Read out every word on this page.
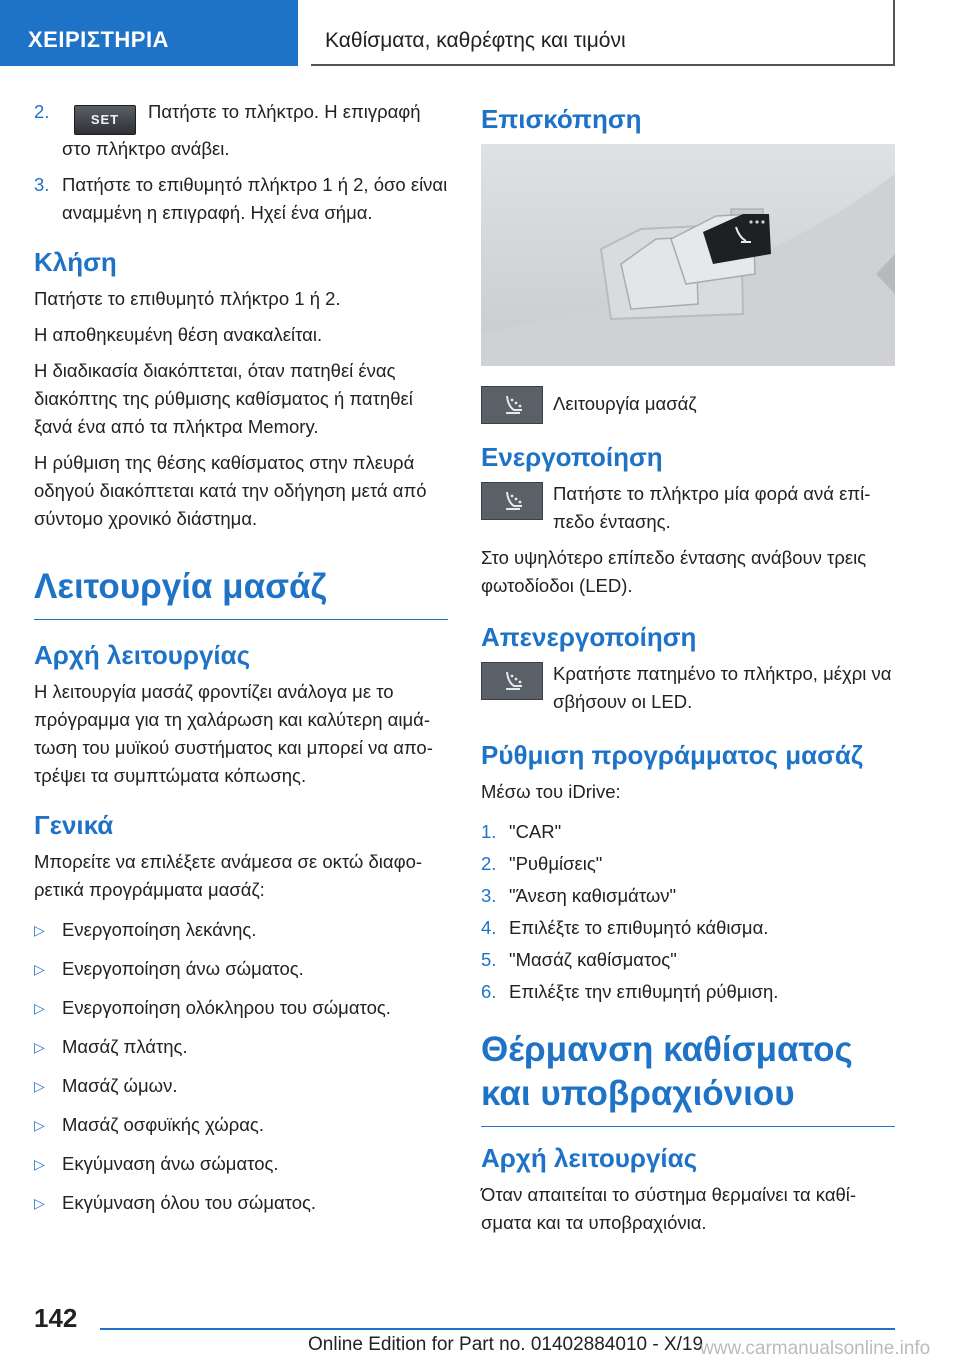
ΧΕΙΡΙΣΤΗΡΙΑ	Καθίσματα, καθρέφτης και τιμόνι
2.	SET Πατήστε το πλήκτρο. Η επιγραφή στο πλήκτρο ανάβει.
3. Πατήστε το επιθυμητό πλήκτρο 1 ή 2, όσο είναι αναμμένη η επιγραφή. Ηχεί ένα σήμα.
Κλήση

Πατήστε το επιθυμητό πλήκτρο 1 ή 2.

Η αποθηκευμένη θέση ανακαλείται.

Η διαδικασία διακόπτεται, όταν πατηθεί ένας διακόπτης της ρύθμισης καθίσματος ή πατηθεί ξανά ένα από τα πλήκτρα Memory.

Η ρύθμιση της θέσης καθίσματος στην πλευρά οδηγού διακόπτεται κατά την οδήγηση μετά από σύντομο χρονικό διάστημα.

Λειτουργία μασάζ
Αρχή λειτουργίας

Η λειτουργία μασάζ φροντίζει ανάλογα με το πρόγραμμα για τη χαλάρωση και καλύτερη αιμάτωση του μυϊκού συστήματος και μπορεί να αποτρέψει τα συμπτώματα κόπωσης.

Γενικά

Μπορείτε να επιλέξετε ανάμεσα σε οκτώ διαφορετικά προγράμματα μασάζ:

▷ Ενεργοποίηση λεκάνης.
▷ Ενεργοποίηση άνω σώματος.
▷ Ενεργοποίηση ολόκληρου του σώματος.
▷ Μασάζ πλάτης.
▷ Μασάζ ώμων.
▷ Μασάζ οσφυϊκής χώρας.
▷ Εκγύμναση άνω σώματος.
▷ Εκγύμναση όλου του σώματος.
Επισκόπηση

Λειτουργία μασάζ

Ενεργοποίηση

Πατήστε το πλήκτρο μία φορά ανά επίπεδο έντασης.

Στο υψηλότερο επίπεδο έντασης ανάβουν τρεις φωτοδίοδοι (LED).

Απενεργοποίηση

Κρατήστε πατημένο το πλήκτρο, μέχρι να σβήσουν οι LED.

Ρύθμιση προγράμματος μασάζ

Μέσω του iDrive:

1. "CAR"
2. "Ρυθμίσεις"
3. "Άνεση καθισμάτων"
4. Επιλέξτε το επιθυμητό κάθισμα.
5. "Μασάζ καθίσματος"
6. Επιλέξτε την επιθυμητή ρύθμιση.
Θέρμανση καθίσματος και υποβραχιόνιου
Αρχή λειτουργίας

Όταν απαιτείται το σύστημα θερμαίνει τα καθίσματα και τα υποβραχιόνια.

142
Online Edition for Part no. 01402884010 - X/19
www.carmanualsonline.info
